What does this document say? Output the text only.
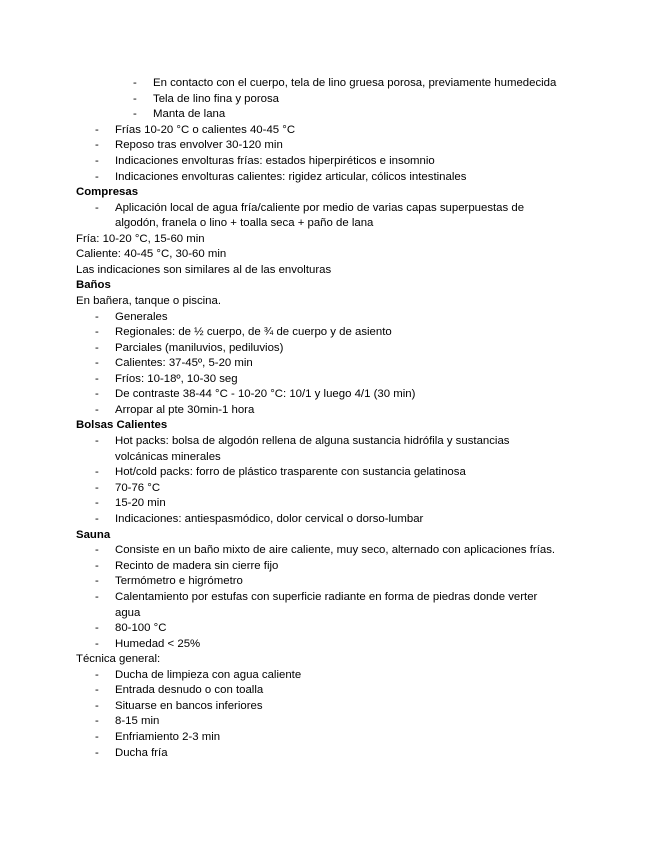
- En contacto con el cuerpo, tela de lino gruesa porosa, previamente humedecida
- Tela de lino fina y porosa
- Manta de lana
- Frías 10-20 °C o calientes 40-45 °C
- Reposo tras envolver 30-120 min
- Indicaciones envolturas frías: estados hiperpiréticos e insomnio
- Indicaciones envolturas calientes: rigidez articular, cólicos intestinales
Compresas
- Aplicación local de agua fría/caliente por medio de varias capas superpuestas de
algodón, franela o lino + toalla seca + paño de lana
Fría: 10-20 °C, 15-60 min
Caliente: 40-45 °C, 30-60 min
Las indicaciones son similares al de las envolturas
Baños
En bañera, tanque o piscina.
- Generales
- Regionales: de ½ cuerpo, de ¾ de cuerpo y de asiento
- Parciales (maniluvios, pediluvios)
- Calientes: 37-45º, 5-20 min
- Fríos: 10-18º, 10-30 seg
- De contraste 38-44 °C - 10-20 °C: 10/1 y luego 4/1 (30 min)
- Arropar al pte 30min-1 hora
Bolsas Calientes
- Hot packs: bolsa de algodón rellena de alguna sustancia hidrófila y sustancias
volcánicas minerales
- Hot/cold packs: forro de plástico trasparente con sustancia gelatinosa
- 70-76 °C
- 15-20 min
- Indicaciones: antiespasmódico, dolor cervical o dorso-lumbar
Sauna
- Consiste en un baño mixto de aire caliente, muy seco, alternado con aplicaciones frías.
- Recinto de madera sin cierre fijo
- Termómetro e higrómetro
- Calentamiento por estufas con superficie radiante en forma de piedras donde verter
agua
- 80-100 °C
- Humedad < 25%
Técnica general:
- Ducha de limpieza con agua caliente
- Entrada desnudo o con toalla
- Situarse en bancos inferiores
- 8-15 min
- Enfriamiento 2-3 min
- Ducha fría
